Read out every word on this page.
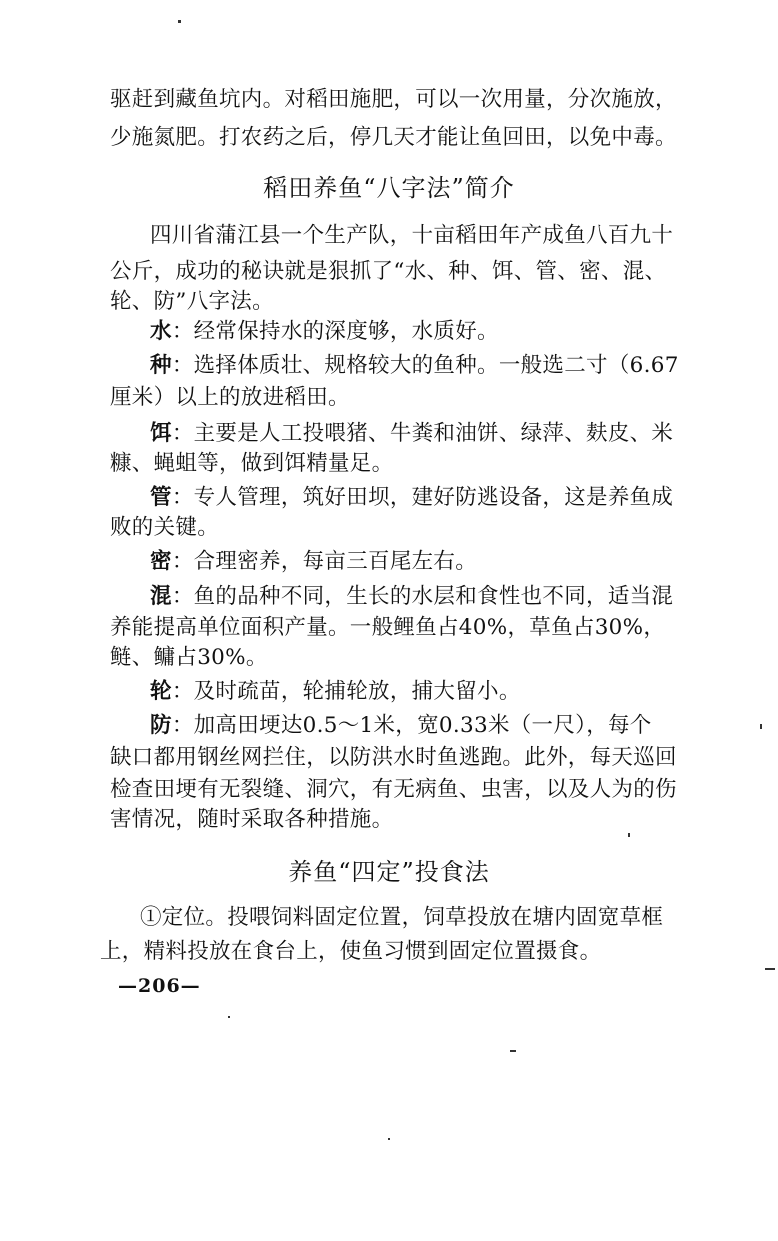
驱赶到藏鱼坑内。对稻田施肥，可以一次用量，分次施放，
少施氮肥。打农药之后，停几天才能让鱼回田，以免中毒。
稻田养鱼“八字法”简介
四川省蒲江县一个生产队，十亩稻田年产成鱼八百九十
公斤，成功的秘诀就是狠抓了“水、种、饵、管、密、混、
轮、防”八字法。
水：经常保持水的深度够，水质好。
种：选择体质壮、规格较大的鱼种。一般选二寸（6.67
厘米）以上的放进稻田。
饵：主要是人工投喂猪、牛粪和油饼、绿萍、麸皮、米
糠、蝇蛆等，做到饵精量足。
管：专人管理，筑好田坝，建好防逃设备，这是养鱼成
败的关键。
密：合理密养，每亩三百尾左右。
混：鱼的品种不同，生长的水层和食性也不同，适当混
养能提高单位面积产量。一般鲤鱼占40%，草鱼占30%，
鲢、鳙占30%。
轮：及时疏苗，轮捕轮放，捕大留小。
防：加高田埂达0.5～1米，宽0.33米（一尺），每个
缺口都用钢丝网拦住，以防洪水时鱼逃跑。此外，每天巡回
检查田埂有无裂缝、洞穴，有无病鱼、虫害，以及人为的伤
害情况，随时采取各种措施。
养鱼“四定”投食法
①定位。投喂饲料固定位置，饲草投放在塘内固宽草框
上，精料投放在食台上，使鱼习惯到固定位置摄食。
—206—
